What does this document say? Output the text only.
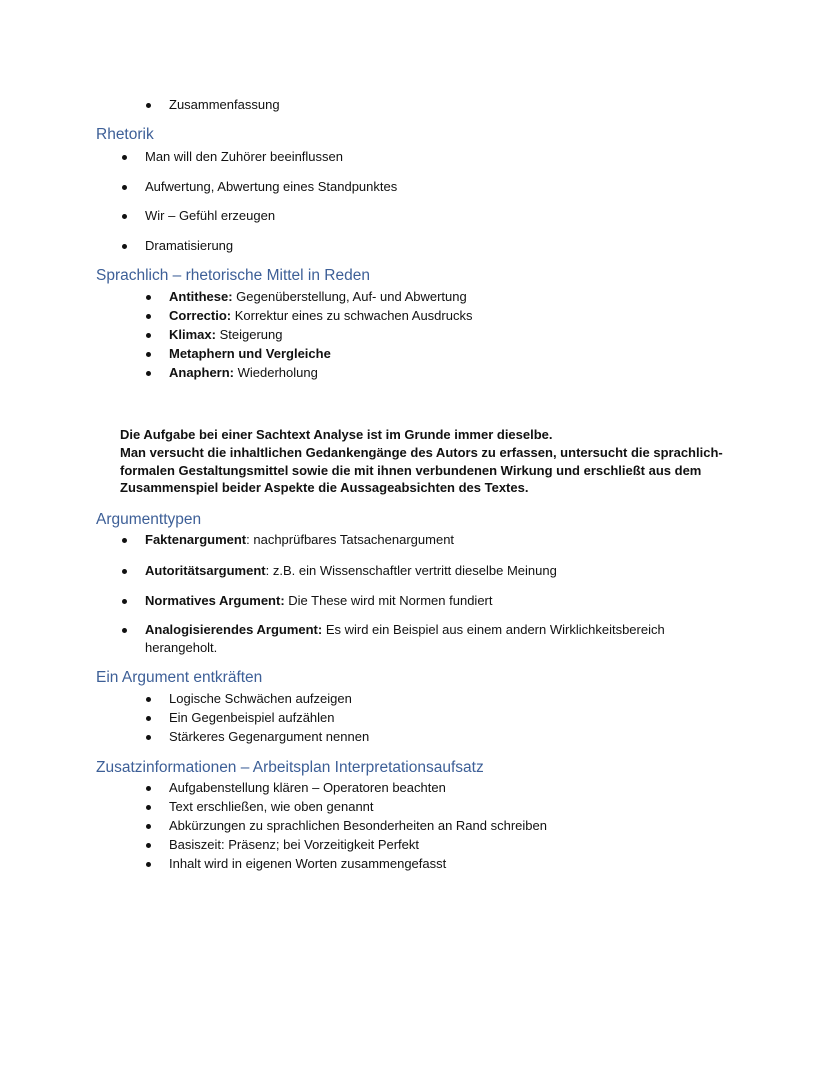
Zusammenfassung
Rhetorik
Man will den Zuhörer beeinflussen
Aufwertung, Abwertung eines Standpunktes
Wir – Gefühl erzeugen
Dramatisierung
Sprachlich – rhetorische Mittel in Reden
Antithese: Gegenüberstellung, Auf- und Abwertung
Correctio: Korrektur eines zu schwachen Ausdrucks
Klimax: Steigerung
Metaphern und Vergleiche
Anaphern: Wiederholung

Die Aufgabe bei einer Sachtext Analyse ist im Grunde immer dieselbe.

Man versucht die inhaltlichen Gedankengänge des Autors zu erfassen, untersucht die sprachlich-formalen Gestaltungsmittel sowie die mit ihnen verbundenen Wirkung und erschließt aus dem Zusammenspiel beider Aspekte die Aussageabsichten des Textes.

Argumenttypen
Faktenargument: nachprüfbares Tatsachenargument
Autoritätsargument: z.B. ein Wissenschaftler vertritt dieselbe Meinung
Normatives Argument: Die These wird mit Normen fundiert
Analogisierendes Argument: Es wird ein Beispiel aus einem andern Wirklichkeitsbereich herangeholt.
Ein Argument entkräften
Logische Schwächen aufzeigen
Ein Gegenbeispiel aufzählen
Stärkeres Gegenargument nennen
Zusatzinformationen – Arbeitsplan Interpretationsaufsatz
Aufgabenstellung klären – Operatoren beachten
Text erschließen, wie oben genannt
Abkürzungen zu sprachlichen Besonderheiten an Rand schreiben
Basiszeit: Präsenz; bei Vorzeitigkeit Perfekt
Inhalt wird in eigenen Worten zusammengefasst
